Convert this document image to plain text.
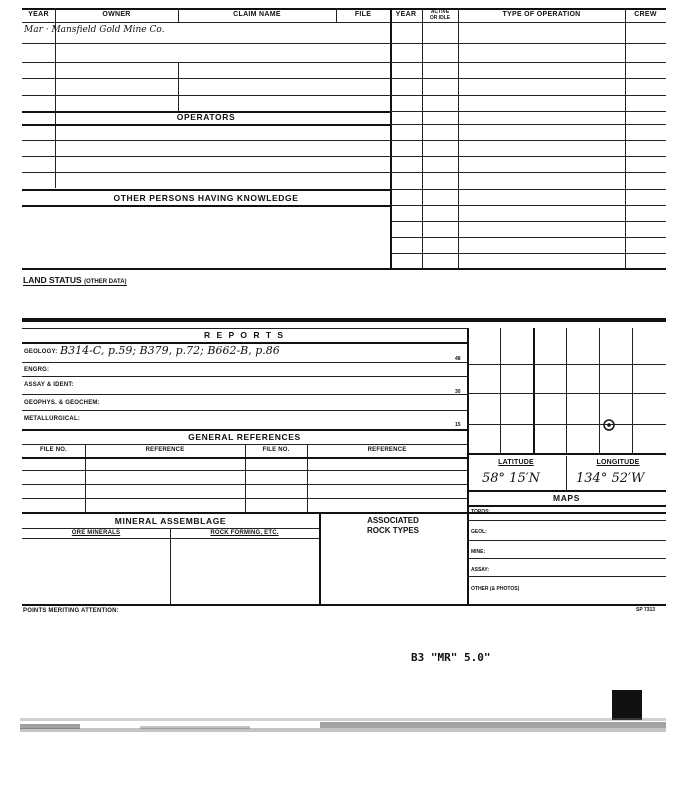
YEAR	OWNER	CLAIM NAME	FILE	YEAR	ACTIVE
OR IDLE	TYPE OF OPERATION	CREW
Mar · Mansfield Gold Mine Co.
OPERATORS
OTHER PERSONS HAVING KNOWLEDGE
LAND STATUS (OTHER DATA)
R E P O R T S
GEOLOGY: B314-C, p.59; B379, p.72; B662-B, p.86
48
ENGRG:
ASSAY & IDENT:
30
GEOPHYS. & GEOCHEM:
METALLURGICAL:
15
GENERAL REFERENCES
FILE NO.	REFERENCE	FILE NO.	REFERENCE
MINERAL ASSEMBLAGE
ORE MINERALS	ROCK FORMING, ETC.
ASSOCIATED
ROCK TYPES
LATITUDE	LONGITUDE
58° 15′N	134° 52′W
MAPS
TOPOS:
GEOL:
MINE:
ASSAY:
OTHER (& PHOTOS)
POINTS MERITING ATTENTION:	SP 7313
B3 "MR" 5.0"
